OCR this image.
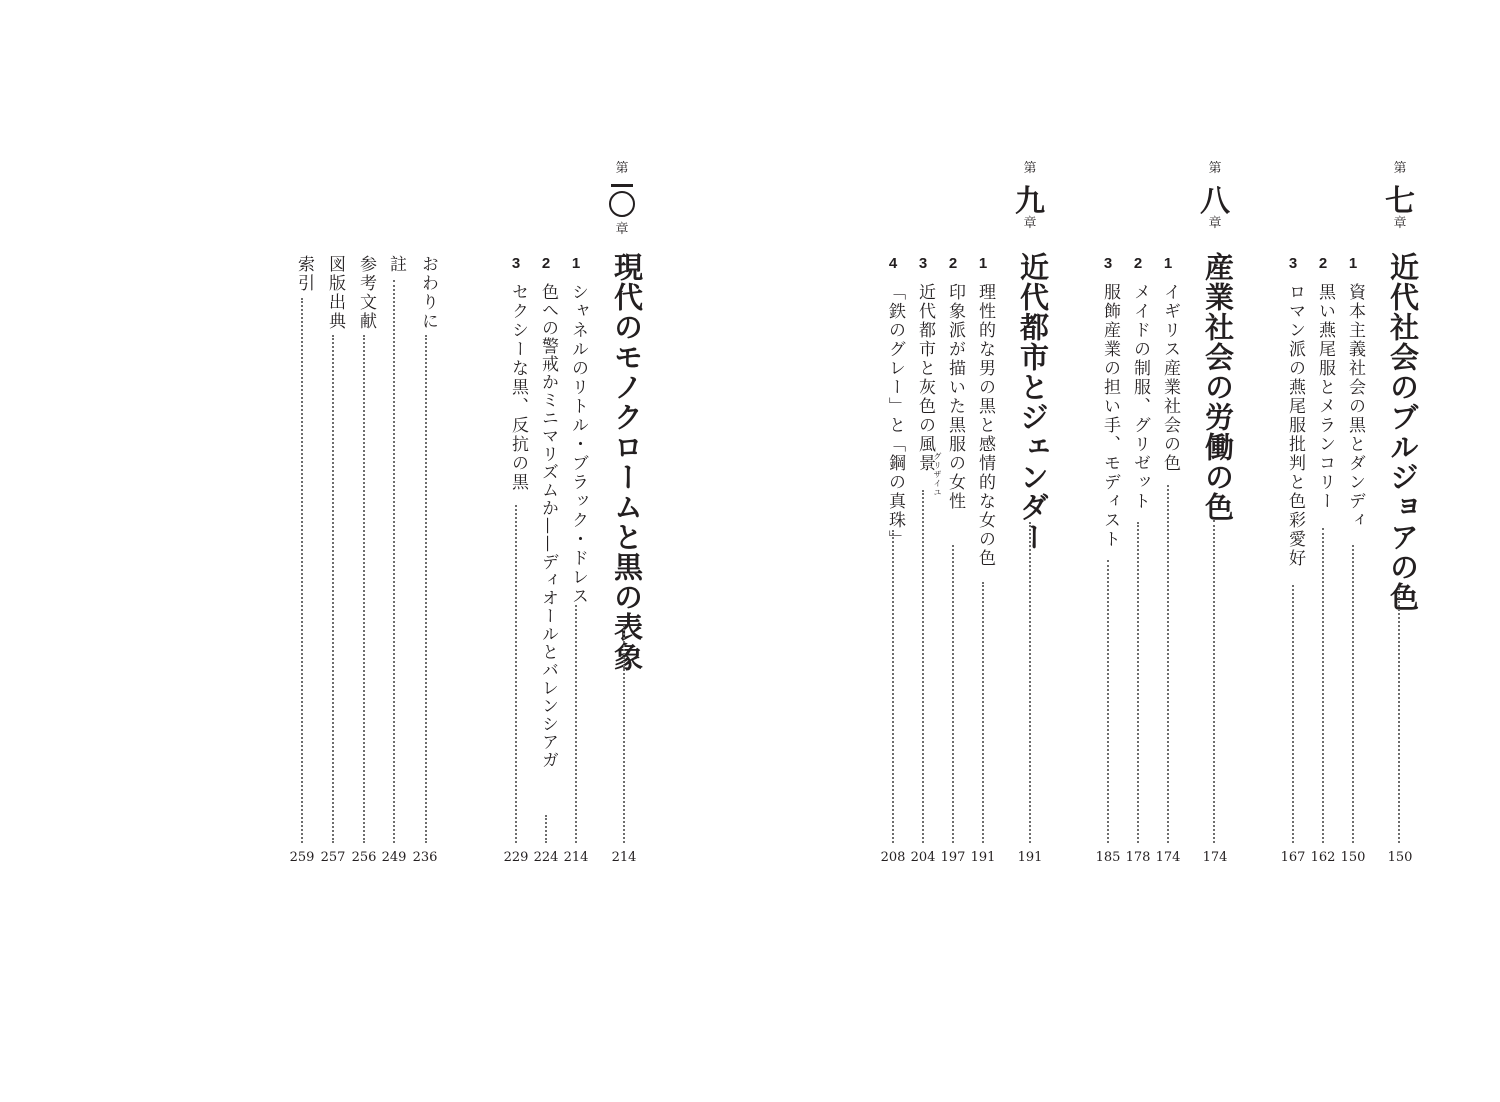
第
七
章
近代社会のブルジョアの色
150
1
資本主義社会の黒とダンディ
150
2
黒い燕尾服とメランコリー
162
3
ロマン派の燕尾服批判と色彩愛好
167
第
八
章
産業社会の労働の色
174
1
イギリス産業社会の色
174
2
メイドの制服、グリゼット
178
3
服飾産業の担い手、モディスト
185
第
九
章
近代都市とジェンダー
191
1
理性的な男の黒と感情的な女の色
191
2
印象派が描いた黒服の女性
197
3
近代都市と灰色の風景
グリザイユ
204
4
「鉄のグレー」と「鋼の真珠」
208
第
章
現代のモノクロームと黒の表象
214
1
シャネルのリトル・ブラック・ドレス
214
2
色への警戒かミニマリズムか——ディオールとバレンシアガ
224
3
セクシーな黒、反抗の黒
229
おわりに
236
註
249
参考文献
256
図版出典
257
索引
259
